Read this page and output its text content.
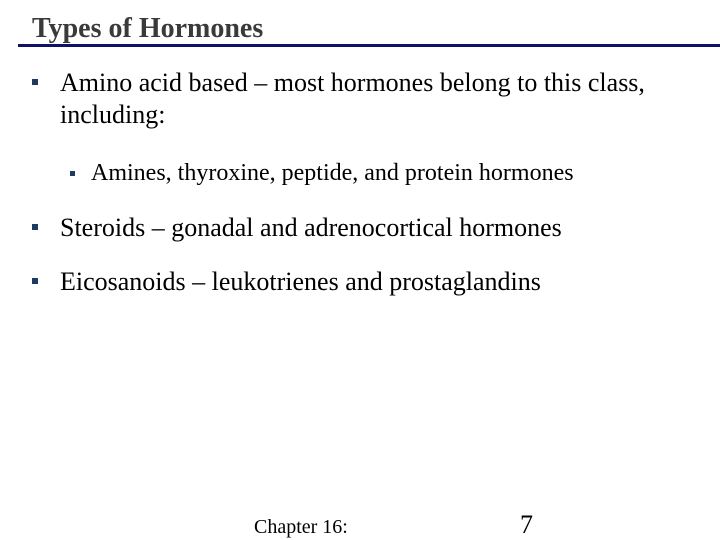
Types of Hormones
Amino acid based – most hormones belong to this class, including:
Amines, thyroxine, peptide, and protein hormones
Steroids – gonadal and adrenocortical hormones
Eicosanoids – leukotrienes and prostaglandins
Chapter 16:	7
